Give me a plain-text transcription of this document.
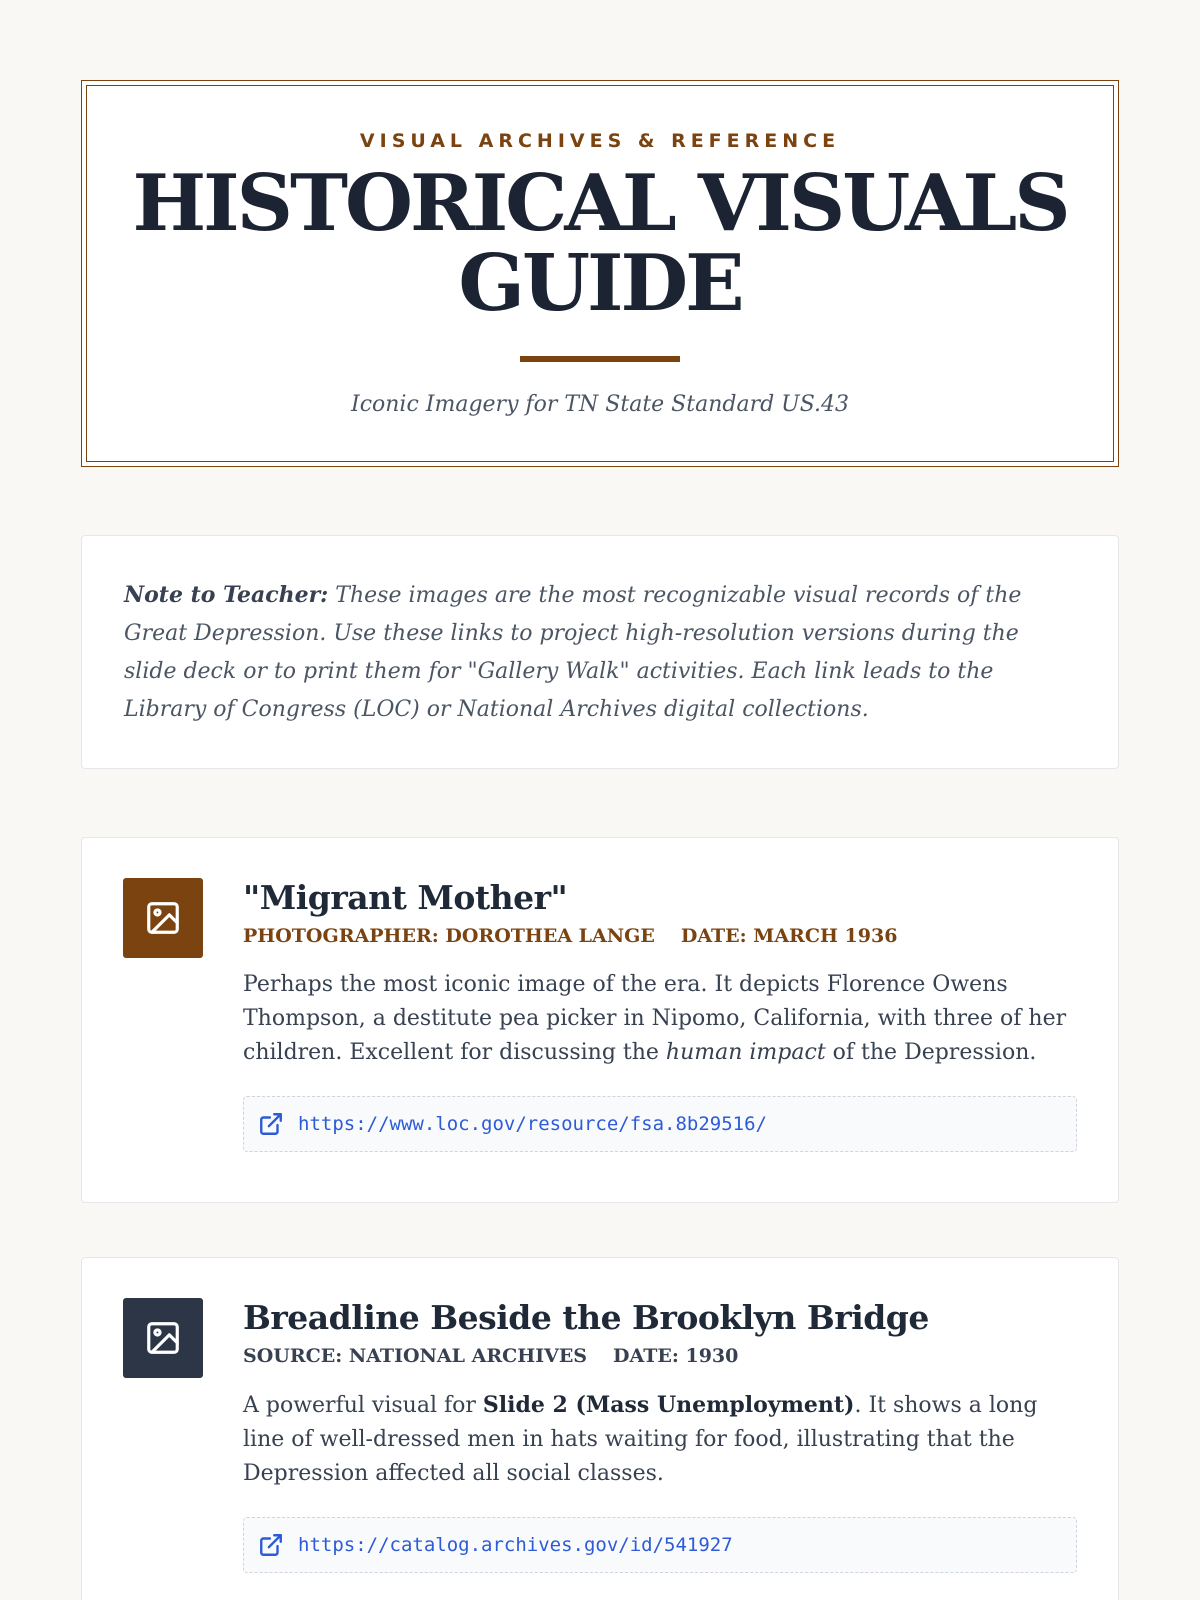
VISUAL ARCHIVES & REFERENCE
HISTORICAL VISUALS
GUIDE
Iconic Imagery for TN State Standard US.43

Note to Teacher: These images are the most recognizable visual records of the Great Depression. Use these links to project high-resolution versions during the slide deck or to print them for "Gallery Walk" activities. Each link leads to the Library of Congress (LOC) or National Archives digital collections.

"Migrant Mother"
PHOTOGRAPHER: DOROTHEA LANGE DATE: MARCH 1936

Perhaps the most iconic image of the era. It depicts Florence Owens Thompson, a destitute pea picker in Nipomo, California, with three of her children. Excellent for discussing the human impact of the Depression.

https://www.loc.gov/resource/fsa.8b29516/
Breadline Beside the Brooklyn Bridge
SOURCE: NATIONAL ARCHIVES DATE: 1930

A powerful visual for Slide 2 (Mass Unemployment). It shows a long line of well-dressed men in hats waiting for food, illustrating that the Depression affected all social classes.

https://catalog.archives.gov/id/541927
